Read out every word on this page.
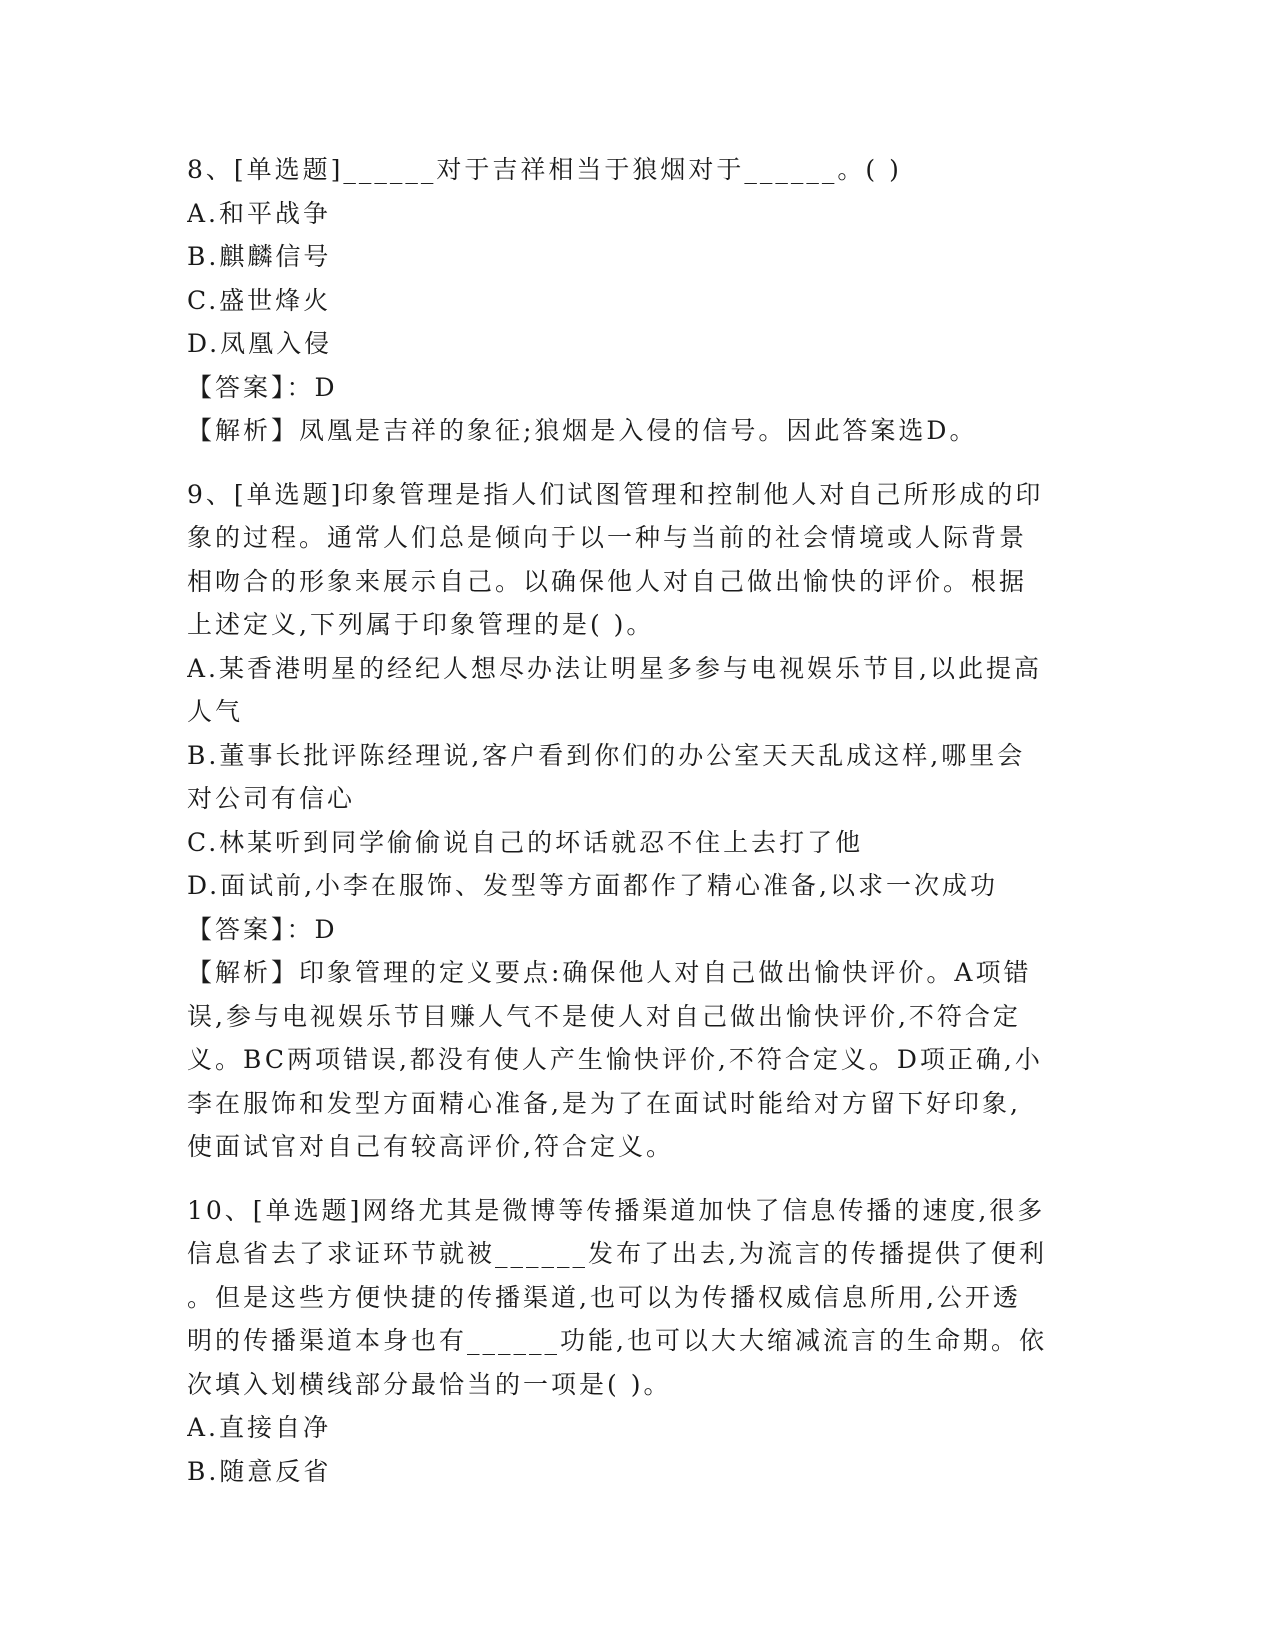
8、[单选题]______对于吉祥相当于狼烟对于______。( )
A.和平战争
B.麒麟信号
C.盛世烽火
D.凤凰入侵
【答案】：D
【解析】凤凰是吉祥的象征;狼烟是入侵的信号。因此答案选D。
9、[单选题]印象管理是指人们试图管理和控制他人对自己所形成的印
象的过程。通常人们总是倾向于以一种与当前的社会情境或人际背景
相吻合的形象来展示自己。以确保他人对自己做出愉快的评价。根据
上述定义,下列属于印象管理的是( )。
A.某香港明星的经纪人想尽办法让明星多参与电视娱乐节目,以此提高
人气
B.董事长批评陈经理说,客户看到你们的办公室天天乱成这样,哪里会
对公司有信心
C.林某听到同学偷偷说自己的坏话就忍不住上去打了他
D.面试前,小李在服饰、发型等方面都作了精心准备,以求一次成功
【答案】：D
【解析】印象管理的定义要点:确保他人对自己做出愉快评价。A项错
误,参与电视娱乐节目赚人气不是使人对自己做出愉快评价,不符合定
义。BC两项错误,都没有使人产生愉快评价,不符合定义。D项正确,小
李在服饰和发型方面精心准备,是为了在面试时能给对方留下好印象,
使面试官对自己有较高评价,符合定义。
10、[单选题]网络尤其是微博等传播渠道加快了信息传播的速度,很多
信息省去了求证环节就被______发布了出去,为流言的传播提供了便利
。但是这些方便快捷的传播渠道,也可以为传播权威信息所用,公开透
明的传播渠道本身也有______功能,也可以大大缩减流言的生命期。依
次填入划横线部分最恰当的一项是( )。
A.直接自净
B.随意反省
